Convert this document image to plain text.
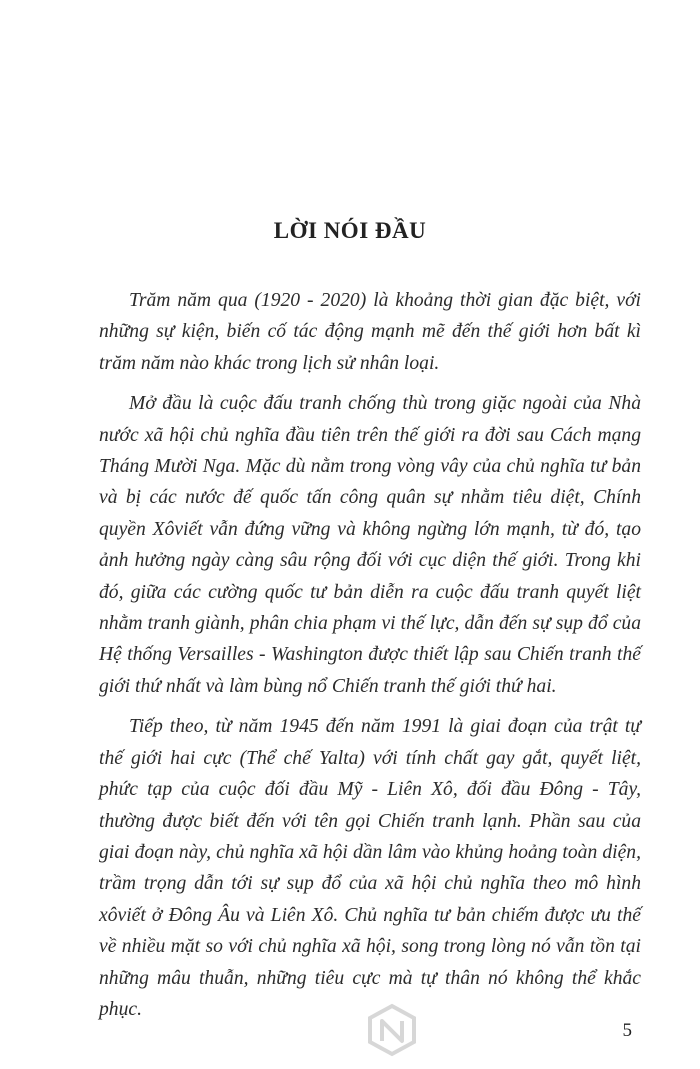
LỜI NÓI ĐẦU

Trăm năm qua (1920 - 2020) là khoảng thời gian đặc biệt, với những sự kiện, biến cố tác động mạnh mẽ đến thế giới hơn bất kì trăm năm nào khác trong lịch sử nhân loại.

Mở đầu là cuộc đấu tranh chống thù trong giặc ngoài của Nhà nước xã hội chủ nghĩa đầu tiên trên thế giới ra đời sau Cách mạng Tháng Mười Nga. Mặc dù nằm trong vòng vây của chủ nghĩa tư bản và bị các nước đế quốc tấn công quân sự nhằm tiêu diệt, Chính quyền Xôviết vẫn đứng vững và không ngừng lớn mạnh, từ đó, tạo ảnh hưởng ngày càng sâu rộng đối với cục diện thế giới. Trong khi đó, giữa các cường quốc tư bản diễn ra cuộc đấu tranh quyết liệt nhằm tranh giành, phân chia phạm vi thế lực, dẫn đến sự sụp đổ của Hệ thống Versailles - Washington được thiết lập sau Chiến tranh thế giới thứ nhất và làm bùng nổ Chiến tranh thế giới thứ hai.

Tiếp theo, từ năm 1945 đến năm 1991 là giai đoạn của trật tự thế giới hai cực (Thể chế Yalta) với tính chất gay gắt, quyết liệt, phức tạp của cuộc đối đầu Mỹ - Liên Xô, đối đầu Đông - Tây, thường được biết đến với tên gọi Chiến tranh lạnh. Phần sau của giai đoạn này, chủ nghĩa xã hội dần lâm vào khủng hoảng toàn diện, trầm trọng dẫn tới sự sụp đổ của xã hội chủ nghĩa theo mô hình xôviết ở Đông Âu và Liên Xô. Chủ nghĩa tư bản chiếm được ưu thế về nhiều mặt so với chủ nghĩa xã hội, song trong lòng nó vẫn tồn tại những mâu thuẫn, những tiêu cực mà tự thân nó không thể khắc phục.

5
